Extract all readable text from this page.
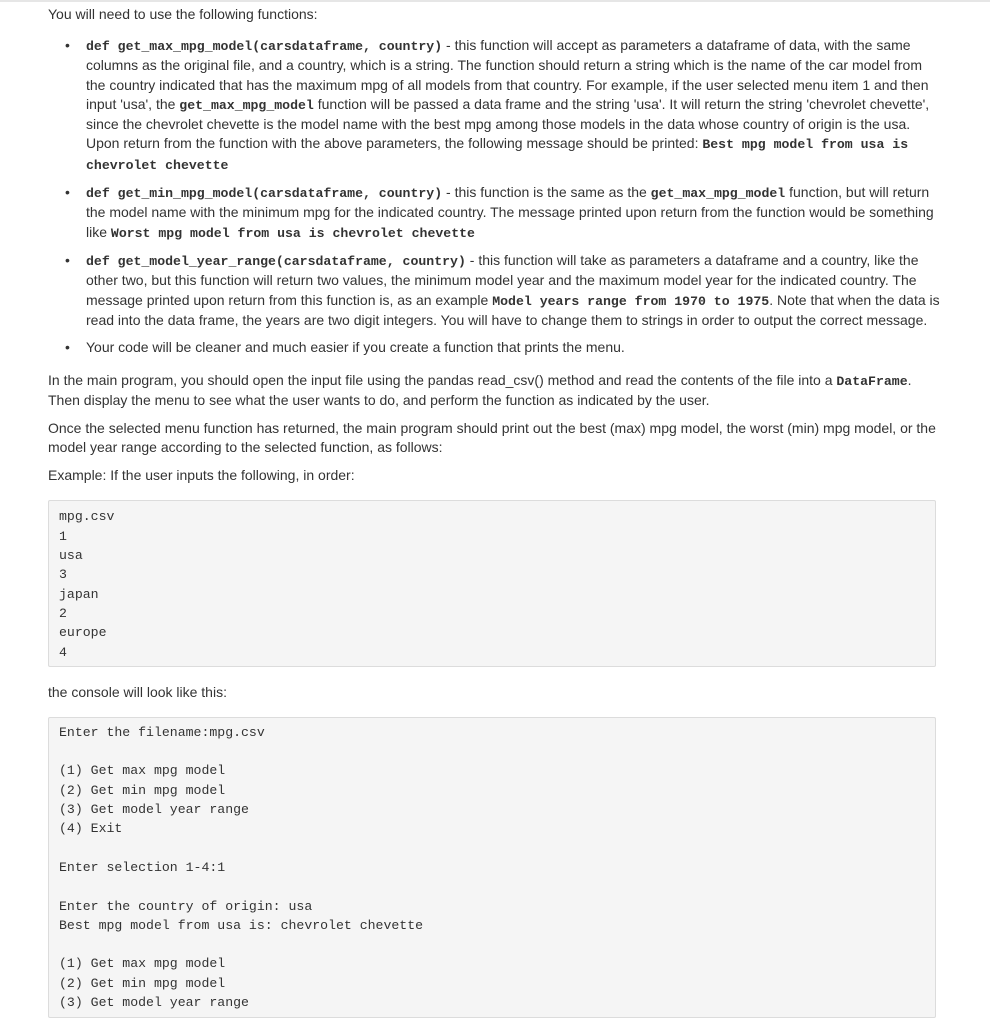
You will need to use the following functions:

• def get_max_mpg_model(carsdataframe, country) - this function will accept as parameters a dataframe of data, with the same columns as the original file, and a country, which is a string. The function should return a string which is the name of the car model from the country indicated that has the maximum mpg of all models from that country. For example, if the user selected menu item 1 and then input 'usa', the get_max_mpg_model function will be passed a data frame and the string 'usa'. It will return the string 'chevrolet chevette', since the chevrolet chevette is the model name with the best mpg among those models in the data whose country of origin is the usa. Upon return from the function with the above parameters, the following message should be printed: Best mpg model from usa is chevrolet chevette
• def get_min_mpg_model(carsdataframe, country) - this function is the same as the get_max_mpg_model function, but will return the model name with the minimum mpg for the indicated country. The message printed upon return from the function would be something like Worst mpg model from usa is chevrolet chevette
• def get_model_year_range(carsdataframe, country) - this function will take as parameters a dataframe and a country, like the other two, but this function will return two values, the minimum model year and the maximum model year for the indicated country. The message printed upon return from this function is, as an example Model years range from 1970 to 1975. Note that when the data is read into the data frame, the years are two digit integers. You will have to change them to strings in order to output the correct message.
• Your code will be cleaner and much easier if you create a function that prints the menu.

In the main program, you should open the input file using the pandas read_csv() method and read the contents of the file into a DataFrame. Then display the menu to see what the user wants to do, and perform the function as indicated by the user.

Once the selected menu function has returned, the main program should print out the best (max) mpg model, the worst (min) mpg model, or the model year range according to the selected function, as follows:

Example: If the user inputs the following, in order:

mpg.csv
1
usa
3
japan
2
europe
4

the console will look like this:

Enter the filename:mpg.csv
(1) Get max mpg model
(2) Get min mpg model
(3) Get model year range
(4) Exit
Enter selection 1-4:1
Enter the country of origin: usa
Best mpg model from usa is: chevrolet chevette
(1) Get max mpg model
(2) Get min mpg model
(3) Get model year range
